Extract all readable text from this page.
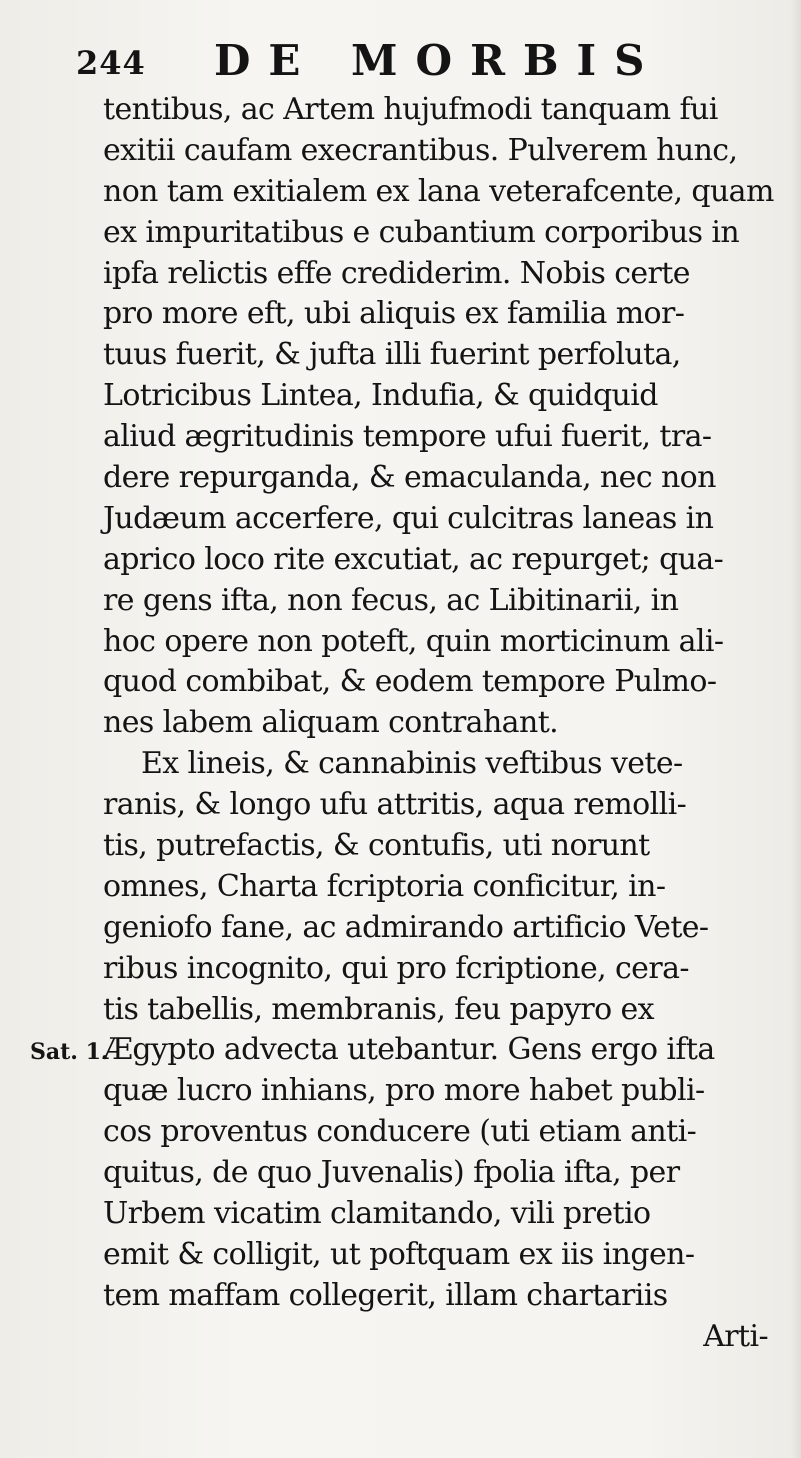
244 DE MORBIS
Sat. 1.
tentibus, ac Artem hujufmodi tanquam fui
exitii caufam execrantibus. Pulverem hunc,
non tam exitialem ex lana veterafcente, quam
ex impuritatibus e cubantium corporibus in
ipfa relictis effe crediderim. Nobis certe
pro more eft, ubi aliquis ex familia mor-
tuus fuerit, & jufta illi fuerint perfoluta,
Lotricibus Lintea, Indufia, & quidquid
aliud ægritudinis tempore ufui fuerit, tra-
dere repurganda, & emaculanda, nec non
Judæum accerfere, qui culcitras laneas in
aprico loco rite excutiat, ac repurget; qua-
re gens ifta, non fecus, ac Libitinarii, in
hoc opere non poteft, quin morticinum ali-
quod combibat, & eodem tempore Pulmo-
nes labem aliquam contrahant.
Ex lineis, & cannabinis veftibus vete-
ranis, & longo ufu attritis, aqua remolli-
tis, putrefactis, & contufis, uti norunt
omnes, Charta fcriptoria conficitur, in-
geniofo fane, ac admirando artificio Vete-
ribus incognito, qui pro fcriptione, cera-
tis tabellis, membranis, feu papyro ex
Ægypto advecta utebantur. Gens ergo ifta
quæ lucro inhians, pro more habet publi-
cos proventus conducere (uti etiam anti-
quitus, de quo Juvenalis) fpolia ifta, per
Urbem vicatim clamitando, vili pretio
emit & colligit, ut poftquam ex iis ingen-
tem maffam collegerit, illam chartariis
Arti-
